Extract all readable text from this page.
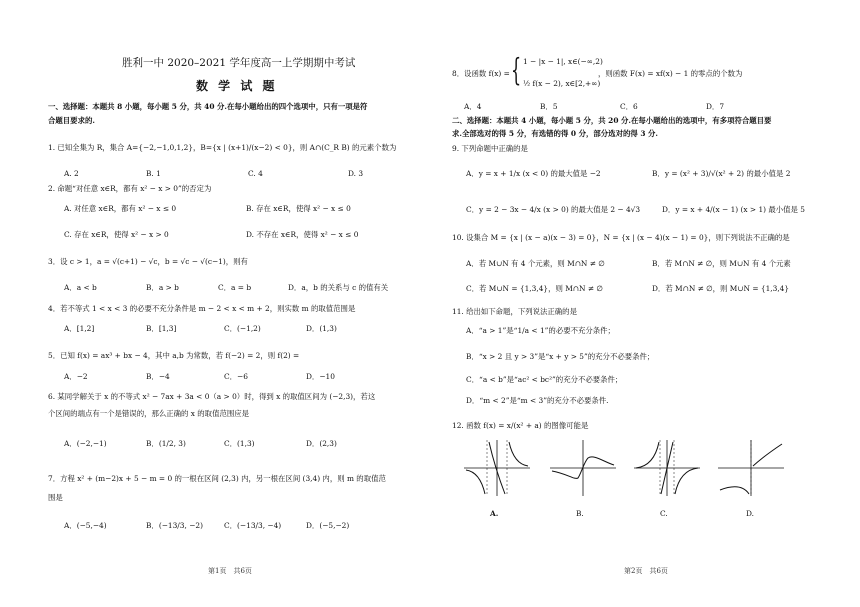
胜利一中 2020–2021 学年度高一上学期期中考试
数 学 试 题
一、选择题：本题共 8 小题，每小题 5 分，共 40 分.在每小题给出的四个选项中，只有一项是符
合题目要求的.
1. 已知全集为 R，集合 A={−2,−1,0,1,2}，B={x | (x+1)/(x−2) < 0}，则 A∩(C_R B) 的元素个数为
A. 2	B. 1	C. 4	D. 3
2. 命题“对任意 x∈R，都有 x² − x > 0”的否定为
A. 对任意 x∈R，都有 x² − x ≤ 0	B. 存在 x∈R，使得 x² − x ≤ 0
C. 存在 x∈R，使得 x² − x > 0	D. 不存在 x∈R，使得 x² − x ≤ 0
3．设 c > 1，a = √(c+1) − √c，b = √c − √(c−1)，则有
A．a < b	B．a > b	C．a = b	D．a，b 的关系与 c 的值有关
4．若不等式 1 < x < 3 的必要不充分条件是 m − 2 < x < m + 2，则实数 m 的取值范围是
A．[1,2]	B．[1,3]	C．(−1,2)	D．(1,3)
5．已知 f(x) = ax³ + bx − 4，其中 a,b 为常数，若 f(−2) = 2，则 f(2) =
A．−2	B．−4	C．−6	D．−10
6. 某同学解关于 x 的不等式 x² − 7ax + 3a < 0（a > 0）时，得到 x 的取值区间为 (−2,3)，若这
个区间的端点有一个是错误的，那么正确的 x 的取值范围应是
A．(−2,−1)	B．(1/2, 3)	C．(1,3)	D．(2,3)
7．方程 x² + (m−2)x + 5 − m = 0 的一根在区间 (2,3) 内，另一根在区间 (3,4) 内，则 m 的取值范
围是
A．(−5,−4)	B．(−13/3, −2)	C．(−13/3, −4)	D．(−5,−2)
第1页　共6页
8．设函数 f(x) = { 1 − |x − 1|, x∈(−∞,2)
½ f(x − 2), x∈[2,+∞)
，则函数 F(x) = xf(x) − 1 的零点的个数为
A．4	B．5	C．6	D．7
二、选择题：本题共 4 小题，每小题 5 分，共 20 分.在每小题给出的选项中，有多项符合题目要
求.全部选对的得 5 分，有选错的得 0 分，部分选对的得 3 分.
9. 下列命题中正确的是
A．y = x + 1/x (x < 0) 的最大值是 −2	B．y = (x² + 3)/√(x² + 2) 的最小值是 2
C．y = 2 − 3x − 4/x (x > 0) 的最大值是 2 − 4√3	D．y = x + 4/(x − 1) (x > 1) 最小值是 5
10. 设集合 M = {x | (x − a)(x − 3) = 0}，N = {x | (x − 4)(x − 1) = 0}，则下列说法不正确的是
A．若 M∪N 有 4 个元素，则 M∩N ≠ ∅	B．若 M∩N ≠ ∅，则 M∪N 有 4 个元素
C．若 M∪N = {1,3,4}，则 M∩N ≠ ∅	D．若 M∩N ≠ ∅，则 M∪N = {1,3,4}
11. 给出如下命题，下列说法正确的是
A．“a > 1”是“1/a < 1”的必要不充分条件；
B．“x > 2 且 y > 3”是“x + y > 5”的充分不必要条件；
C．“a < b”是“ac² < bc²”的充分不必要条件；
D．“m < 2”是“m < 3”的充分不必要条件.
12. 函数 f(x) = x/(x² + a) 的图像可能是
A.	B.	C.	D.
第2页　共6页
